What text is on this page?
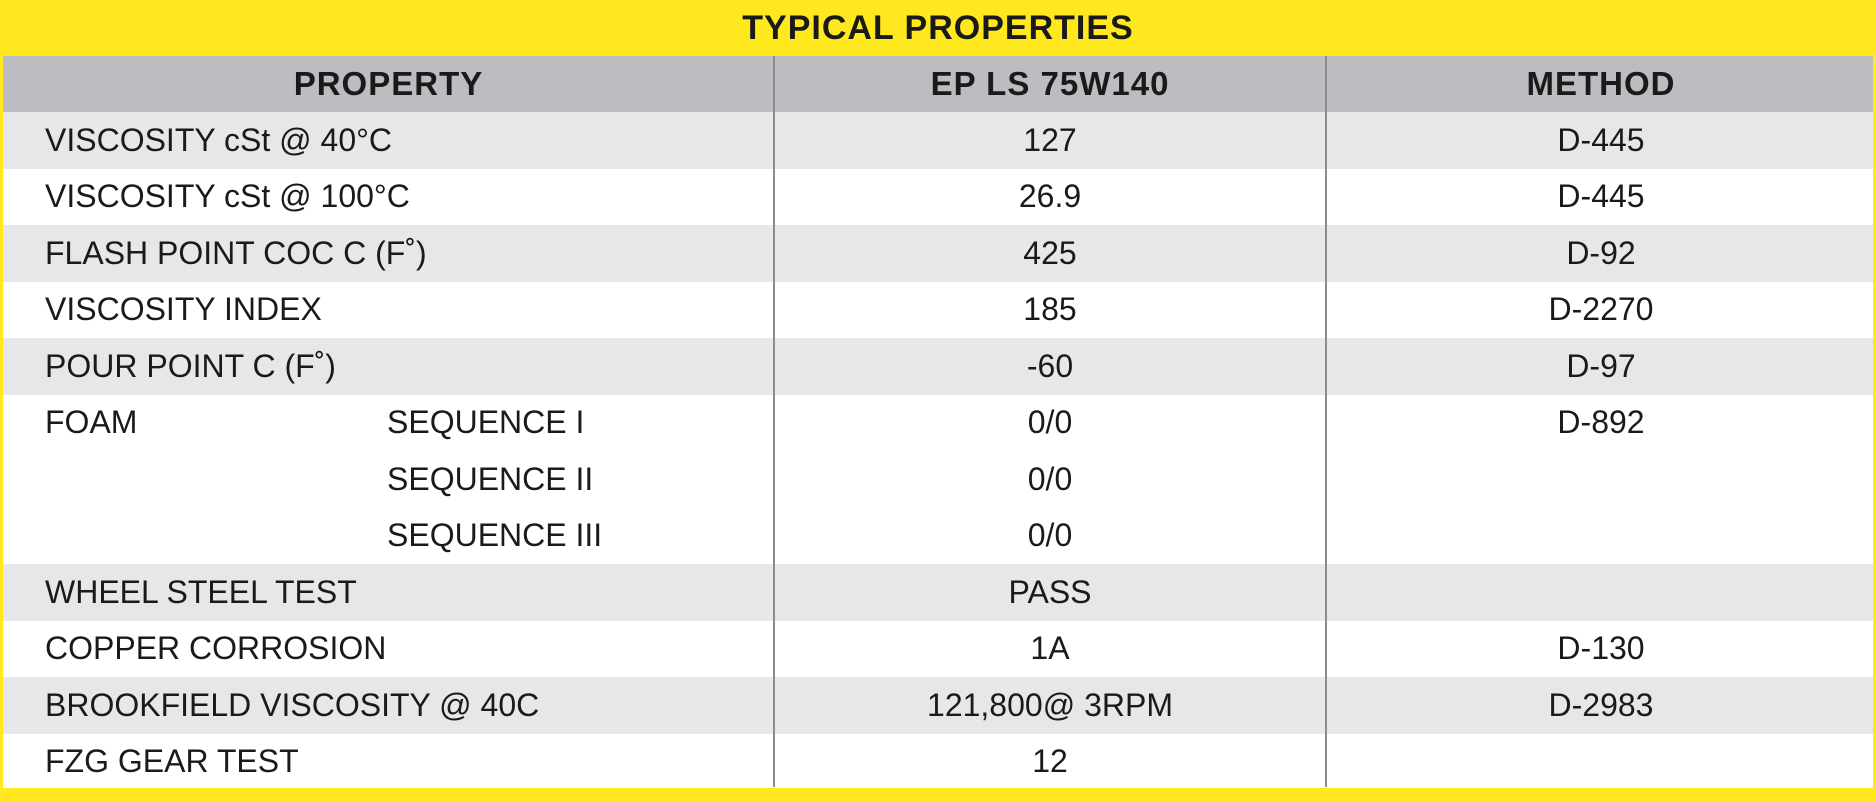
TYPICAL PROPERTIES
PROPERTY	EP LS 75W140	METHOD
VISCOSITY cSt @ 40°C	127	D-445
VISCOSITY cSt @ 100°C	26.9	D-445
FLASH POINT COC C (F˚)	425	D-92
VISCOSITY INDEX	185	D-2270
POUR POINT C (F˚)	-60	D-97
FOAM	SEQUENCE I	0/0	D-892
SEQUENCE II	0/0
SEQUENCE III	0/0
WHEEL STEEL TEST	PASS
COPPER CORROSION	1A	D-130
BROOKFIELD VISCOSITY @ 40C	121,800@ 3RPM	D-2983
FZG GEAR TEST	12
